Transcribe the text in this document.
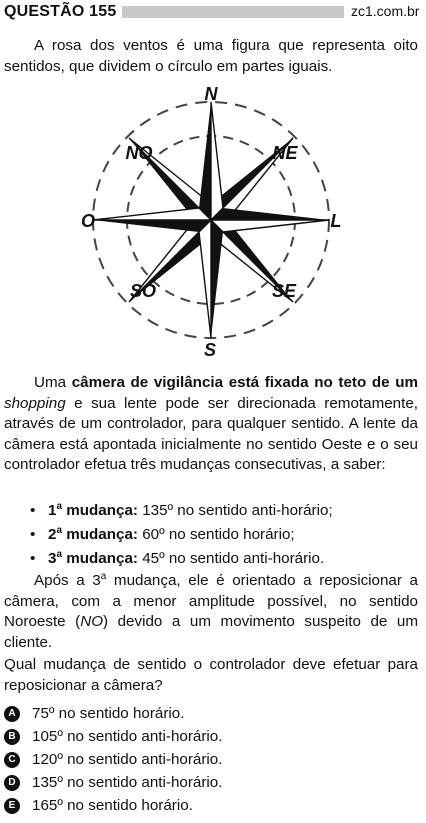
QUESTÃO 155	zc1.com.br
A rosa dos ventos é uma figura que representa oito sentidos, que dividem o círculo em partes iguais.
N
NE
L
SE
S
SO
O
NO
Uma câmera de vigilância está fixada no teto de um shopping e sua lente pode ser direcionada remotamente, através de um controlador, para qualquer sentido. A lente da câmera está apontada inicialmente no sentido Oeste e o seu controlador efetua três mudanças consecutivas, a saber:
• 1$^a$ mudança: 135º no sentido anti-horário;
• 2$^a$ mudança: 60º no sentido horário;
• 3$^a$ mudança: 45º no sentido anti-horário.
Após a 3$^a$ mudança, ele é orientado a reposicionar a câmera, com a menor amplitude possível, no sentido Noroeste (NO) devido a um movimento suspeito de um cliente.
Qual mudança de sentido o controlador deve efetuar para reposicionar a câmera?
A 75º no sentido horário.
B 105º no sentido anti-horário.
C 120º no sentido anti-horário.
D 135º no sentido anti-horário.
E	165º no sentido horário.
